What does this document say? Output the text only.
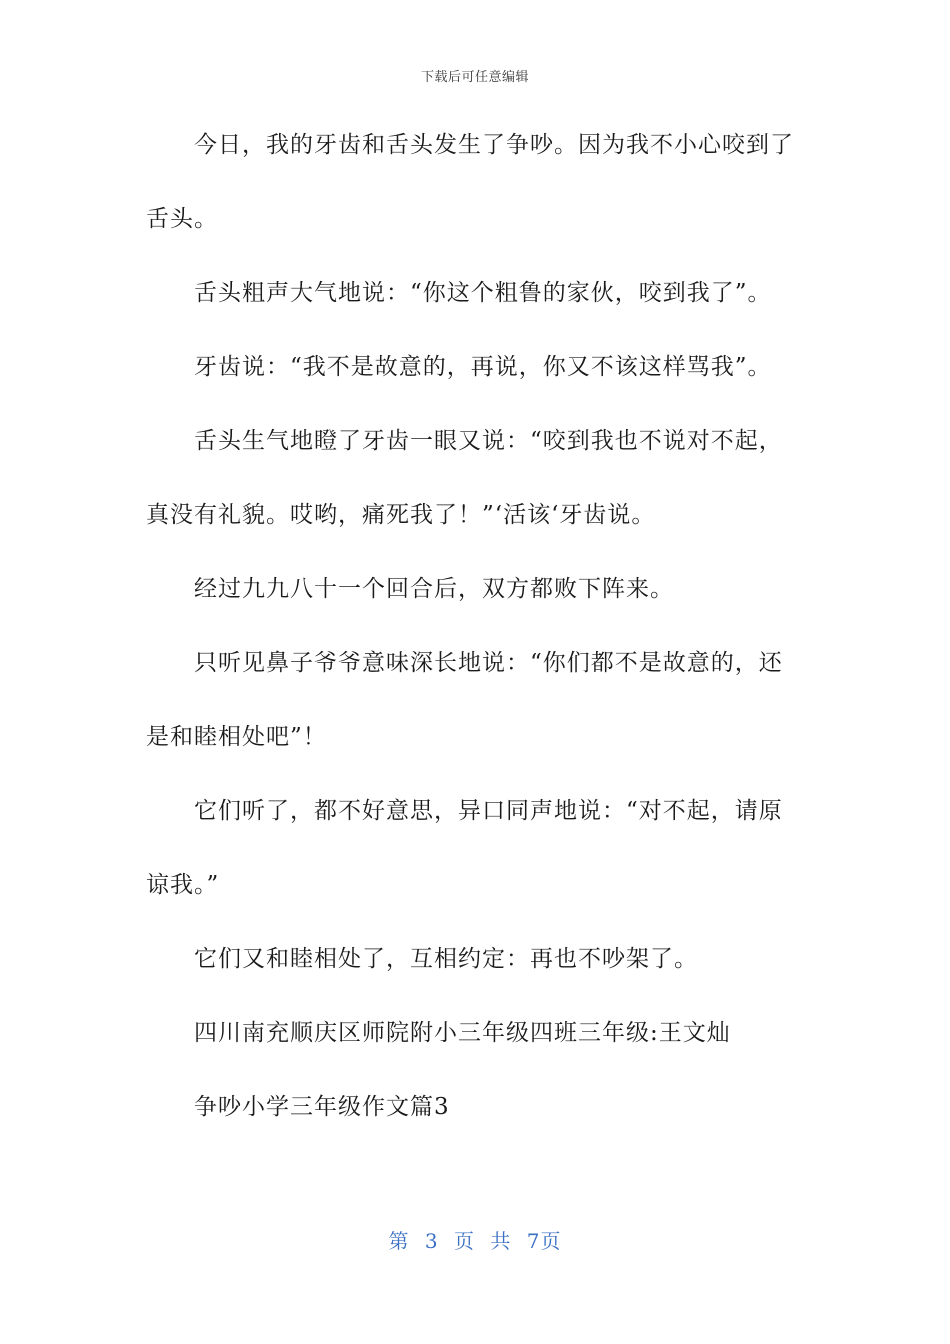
下载后可任意编辑
今日，我的牙齿和舌头发生了争吵。因为我不小心咬到了
舌头。
舌头粗声大气地说：“你这个粗鲁的家伙，咬到我了”。
牙齿说：“我不是故意的，再说，你又不该这样骂我”。
舌头生气地瞪了牙齿一眼又说：“咬到我也不说对不起，
真没有礼貌。哎哟，痛死我了！”‘活该‘牙齿说。
经过九九八十一个回合后，双方都败下阵来。
只听见鼻子爷爷意味深长地说：“你们都不是故意的，还
是和睦相处吧”！
它们听了，都不好意思，异口同声地说：“对不起，请原
谅我。”
它们又和睦相处了，互相约定：再也不吵架了。
四川南充顺庆区师院附小三年级四班三年级:王文灿
争吵小学三年级作文篇3
第 3 页 共 7页
